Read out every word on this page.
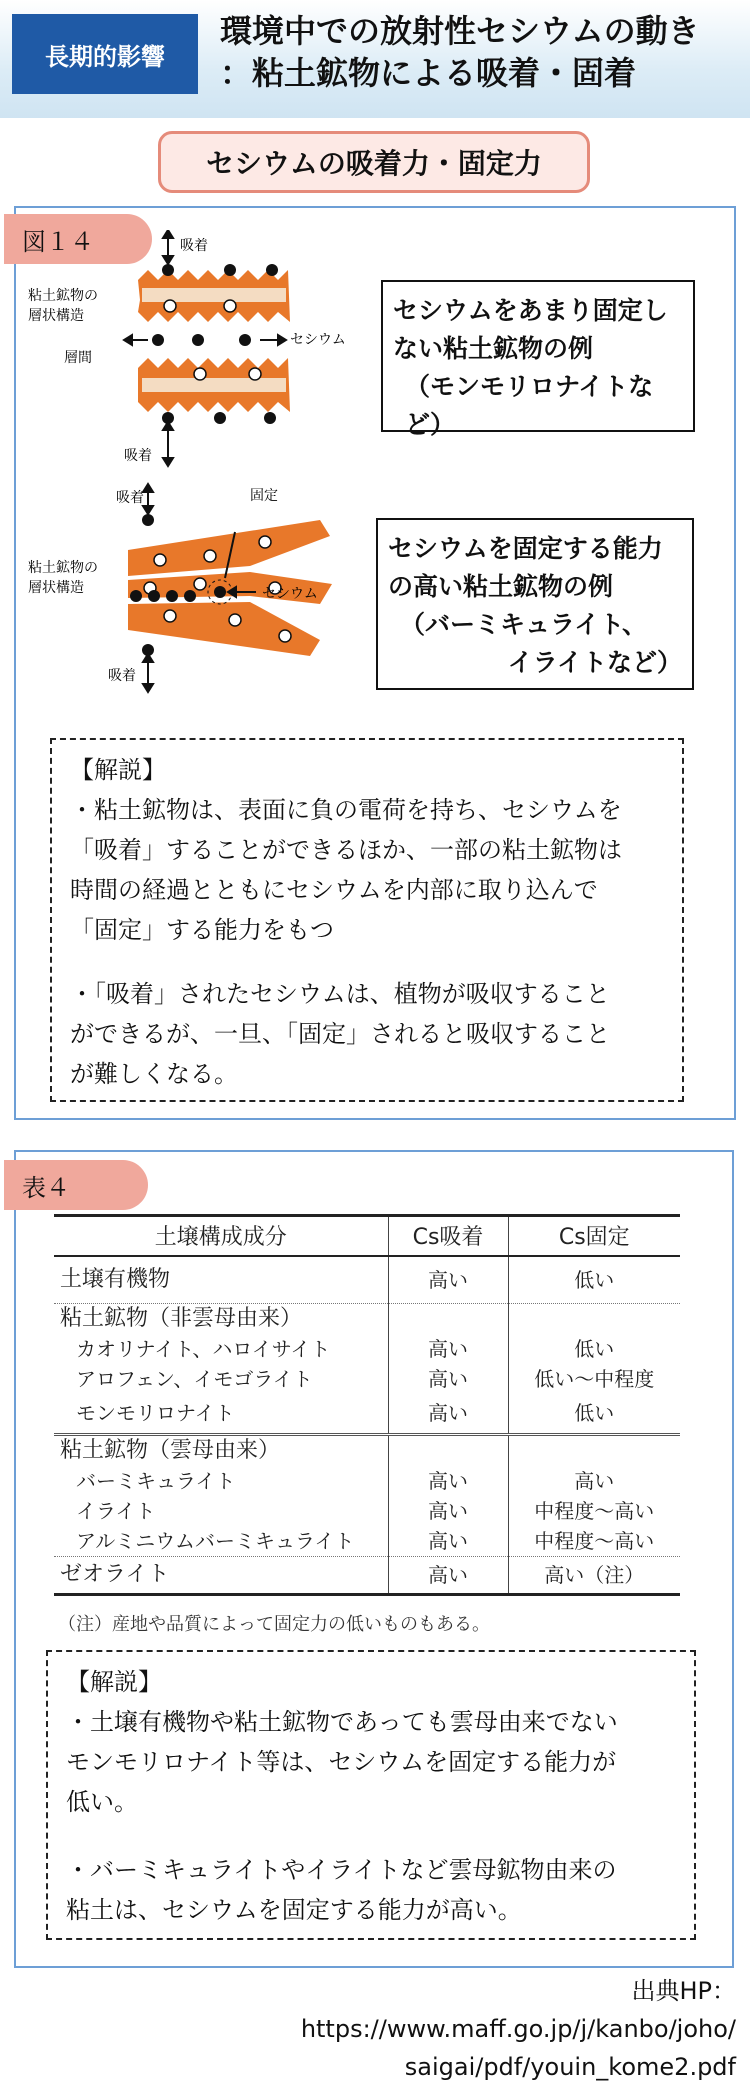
長期的影響
環境中での放射性セシウムの動き
：粘土鉱物による吸着・固着
セシウムの吸着力・固定力
図１４	吸着
粘土鉱物の
層状構造
層間
セシウム
吸着
セシウムをあまり固定し
ない粘土鉱物の例
（モンモリロナイトなど）
吸着	固定
粘土鉱物の
層状構造	セシウム
吸着
セシウムを固定する能力
の高い粘土鉱物の例
（バーミキュライト、
イライトなど）

【解説】

・粘土鉱物は、表面に負の電荷を持ち、セシウムを

「吸着」することができるほか、一部の粘土鉱物は

時間の経過とともにセシウムを内部に取り込んで

「固定」する能力をもつ

・「吸着」されたセシウムは、植物が吸収すること

ができるが、一旦、「固定」されると吸収すること

が難しくなる。

表４
土壌構成成分	Cs吸着	Cs固定
土壌有機物	高い	低い
粘土鉱物（非雲母由来）		
カオリナイト、ハロイサイト	高い	低い
アロフェン、イモゴライト	高い	低い～中程度
モンモリロナイト	高い	低い
粘土鉱物（雲母由来）		
バーミキュライト	高い	高い
イライト	高い	中程度～高い
アルミニウムバーミキュライト	高い	中程度～高い
ゼオライト	高い	高い（注）
（注）産地や品質によって固定力の低いものもある。

【解説】

・土壌有機物や粘土鉱物であっても雲母由来でない

モンモリロナイト等は、セシウムを固定する能力が

低い。

・バーミキュライトやイライトなど雲母鉱物由来の

粘土は、セシウムを固定する能力が高い。

出典HP：
https://www.maff.go.jp/j/kanbo/joho/
saigai/pdf/youin_kome2.pdf
